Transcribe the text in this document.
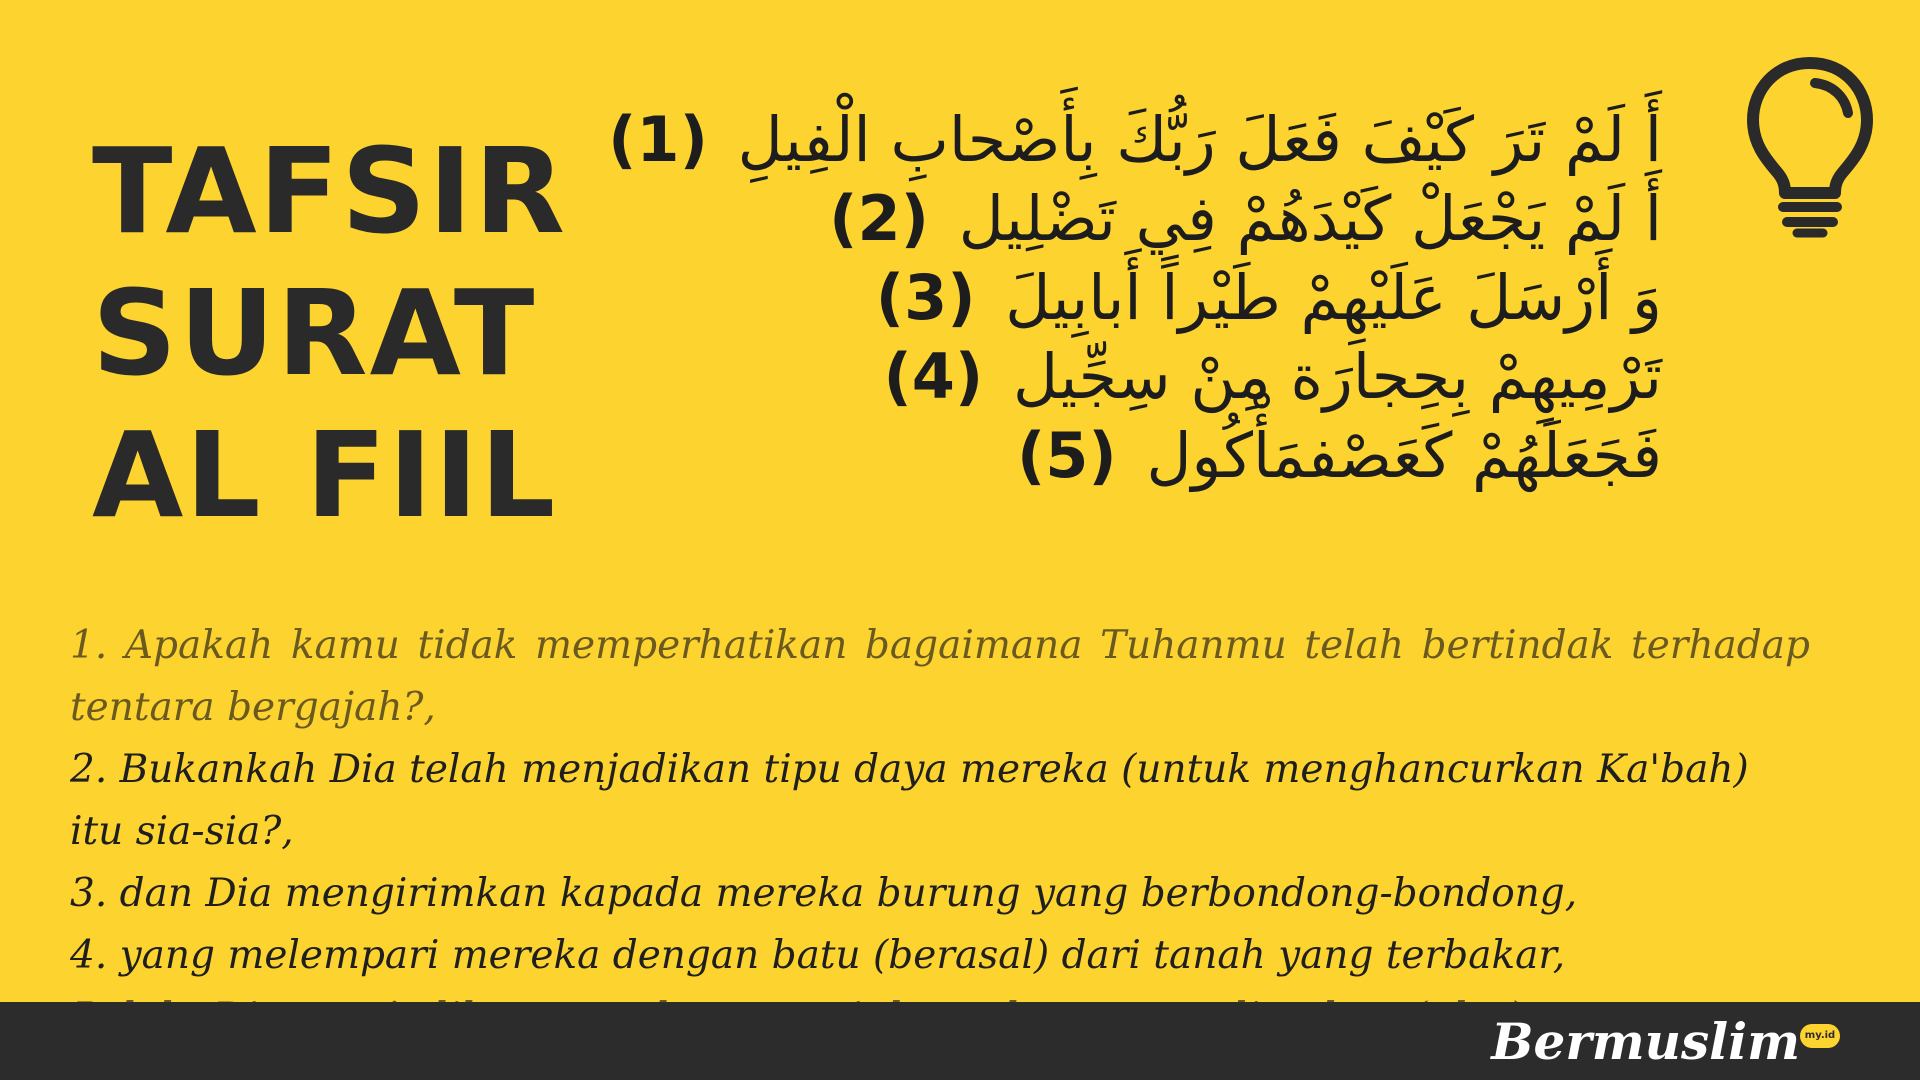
TAFSIR
SURAT
AL FIIL
أَ لَمْ تَرَ كَيْفَ فَعَلَ رَبُّكَ بِأَصْحابِ الْفِيلِ (1)
أَ لَمْ يَجْعَلْ كَيْدَهُمْ فِي تَضْلِيل (2)
وَ أَرْسَلَ عَلَيْهِمْ طَيْراً أَبابِيلَ (3)
تَرْمِيهِمْ بِحِجارَة مِنْ سِجِّيل (4)
فَجَعَلَهُمْ كَعَصْفمَأْكُول (5)
1. Apakah kamu tidak memperhatikan bagaimana Tuhanmu telah bertindak terhadap tentara bergajah?,
2. Bukankah Dia telah menjadikan tipu daya mereka (untuk menghancurkan Ka'bah) itu sia-sia?,
3. dan Dia mengirimkan kapada mereka burung yang berbondong-bondong,
4. yang melempari mereka dengan batu (berasal) dari tanah yang terbakar,
Bermuslim my.id
